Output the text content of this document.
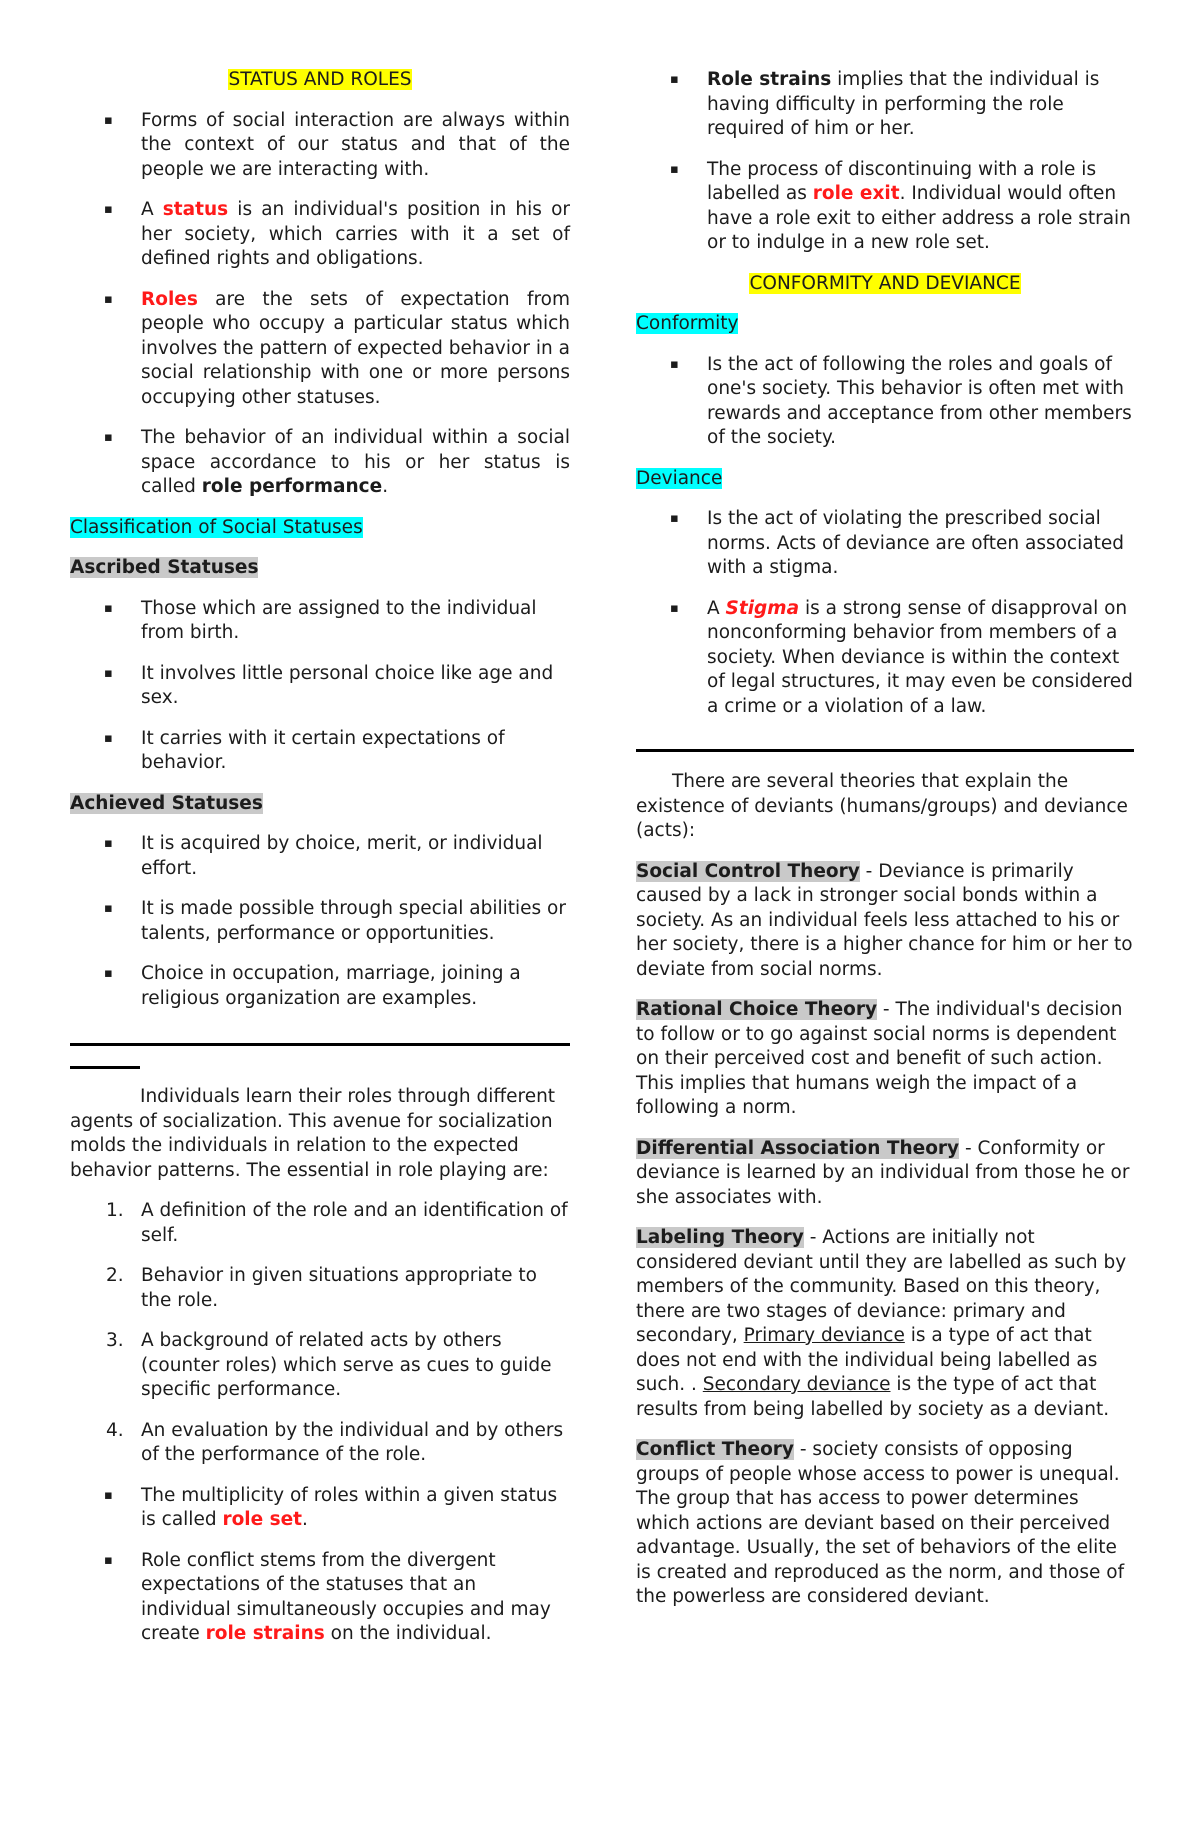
STATUS AND ROLES

▪ Forms of social interaction are always within the context of our status and that of the people we are interacting with.
▪ A status is an individual's position in his or her society, which carries with it a set of defined rights and obligations.
▪ Roles are the sets of expectation from people who occupy a particular status which involves the pattern of expected behavior in a social relationship with one or more persons occupying other statuses.
▪ The behavior of an individual within a social space accordance to his or her status is called role performance.

Classification of Social Statuses

Ascribed Statuses

▪ Those which are assigned to the individual from birth.
▪ It involves little personal choice like age and sex.
▪ It carries with it certain expectations of behavior.

Achieved Statuses

▪ It is acquired by choice, merit, or individual effort.
▪ It is made possible through special abilities or talents, performance or opportunities.
▪ Choice in occupation, marriage, joining a religious organization are examples.

Individuals learn their roles through different agents of socialization. This avenue for socialization molds the individuals in relation to the expected behavior patterns. The essential in role playing are:

1. A definition of the role and an identification of self.
2. Behavior in given situations appropriate to the role.
3. A background of related acts by others (counter roles) which serve as cues to guide specific performance.
4. An evaluation by the individual and by others of the performance of the role.
▪ The multiplicity of roles within a given status is called role set.
▪ Role conflict stems from the divergent expectations of the statuses that an individual simultaneously occupies and may create role strains on the individual.
▪ Role strains implies that the individual is having difficulty in performing the role required of him or her.
▪ The process of discontinuing with a role is labelled as role exit. Individual would often have a role exit to either address a role strain or to indulge in a new role set.

CONFORMITY AND DEVIANCE

Conformity

▪ Is the act of following the roles and goals of one's society. This behavior is often met with rewards and acceptance from other members of the society.

Deviance

▪ Is the act of violating the prescribed social norms. Acts of deviance are often associated with a stigma.
▪ A Stigma is a strong sense of disapproval on nonconforming behavior from members of a society. When deviance is within the context of legal structures, it may even be considered a crime or a violation of a law.

There are several theories that explain the existence of deviants (humans/groups) and deviance (acts):

Social Control Theory - Deviance is primarily caused by a lack in stronger social bonds within a society. As an individual feels less attached to his or her society, there is a higher chance for him or her to deviate from social norms.

Rational Choice Theory - The individual's decision to follow or to go against social norms is dependent on their perceived cost and benefit of such action. This implies that humans weigh the impact of a following a norm.

Differential Association Theory - Conformity or deviance is learned by an individual from those he or she associates with.

Labeling Theory - Actions are initially not considered deviant until they are labelled as such by members of the community. Based on this theory, there are two stages of deviance: primary and secondary, Primary deviance is a type of act that does not end with the individual being labelled as such. . Secondary deviance is the type of act that results from being labelled by society as a deviant.

Conflict Theory - society consists of opposing groups of people whose access to power is unequal. The group that has access to power determines which actions are deviant based on their perceived advantage. Usually, the set of behaviors of the elite is created and reproduced as the norm, and those of the powerless are considered deviant.
